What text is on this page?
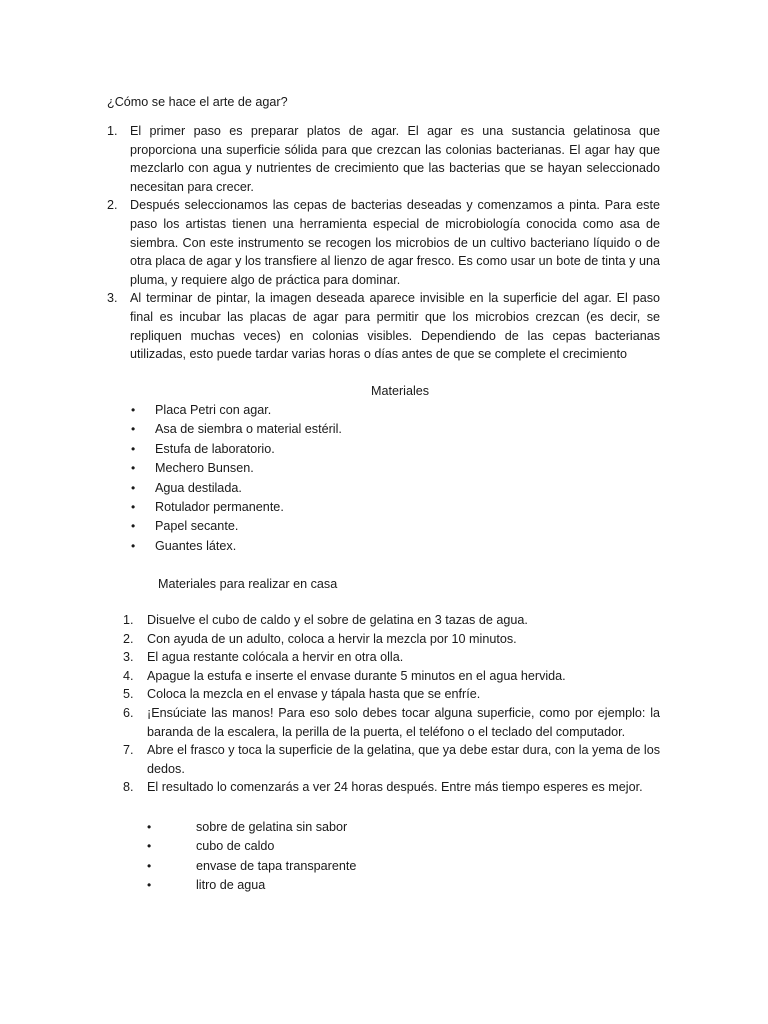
¿Cómo se hace el arte de agar?
1. El primer paso es preparar platos de agar. El agar es una sustancia gelatinosa que proporciona una superficie sólida para que crezcan las colonias bacterianas. El agar hay que mezclarlo con agua y nutrientes de crecimiento que las bacterias que se hayan seleccionado necesitan para crecer.
2. Después seleccionamos las cepas de bacterias deseadas y comenzamos a pinta. Para este paso los artistas tienen una herramienta especial de microbiología conocida como asa de siembra. Con este instrumento se recogen los microbios de un cultivo bacteriano líquido o de otra placa de agar y los transfiere al lienzo de agar fresco. Es como usar un bote de tinta y una pluma, y requiere algo de práctica para dominar.
3. Al terminar de pintar, la imagen deseada aparece invisible en la superficie del agar. El paso final es incubar las placas de agar para permitir que los microbios crezcan (es decir, se repliquen muchas veces) en colonias visibles. Dependiendo de las cepas bacterianas utilizadas, esto puede tardar varias horas o días antes de que se complete el crecimiento
Materiales
• Placa Petri con agar.
• Asa de siembra o material estéril.
• Estufa de laboratorio.
• Mechero Bunsen.
• Agua destilada.
• Rotulador permanente.
• Papel secante.
• Guantes látex.
Materiales para realizar en casa
1. Disuelve el cubo de caldo y el sobre de gelatina en 3 tazas de agua.
2. Con ayuda de un adulto, coloca a hervir la mezcla por 10 minutos.
3. El agua restante colócala a hervir en otra olla.
4. Apague la estufa e inserte el envase durante 5 minutos en el agua hervida.
5. Coloca la mezcla en el envase y tápala hasta que se enfríe.
6. ¡Ensúciate las manos! Para eso solo debes tocar alguna superficie, como por ejemplo: la baranda de la escalera, la perilla de la puerta, el teléfono o el teclado del computador.
7. Abre el frasco y toca la superficie de la gelatina, que ya debe estar dura, con la yema de los dedos.
8. El resultado lo comenzarás a ver 24 horas después. Entre más tiempo esperes es mejor.
•	sobre de gelatina sin sabor
•	cubo de caldo
•	envase de tapa transparente
•	litro de agua
